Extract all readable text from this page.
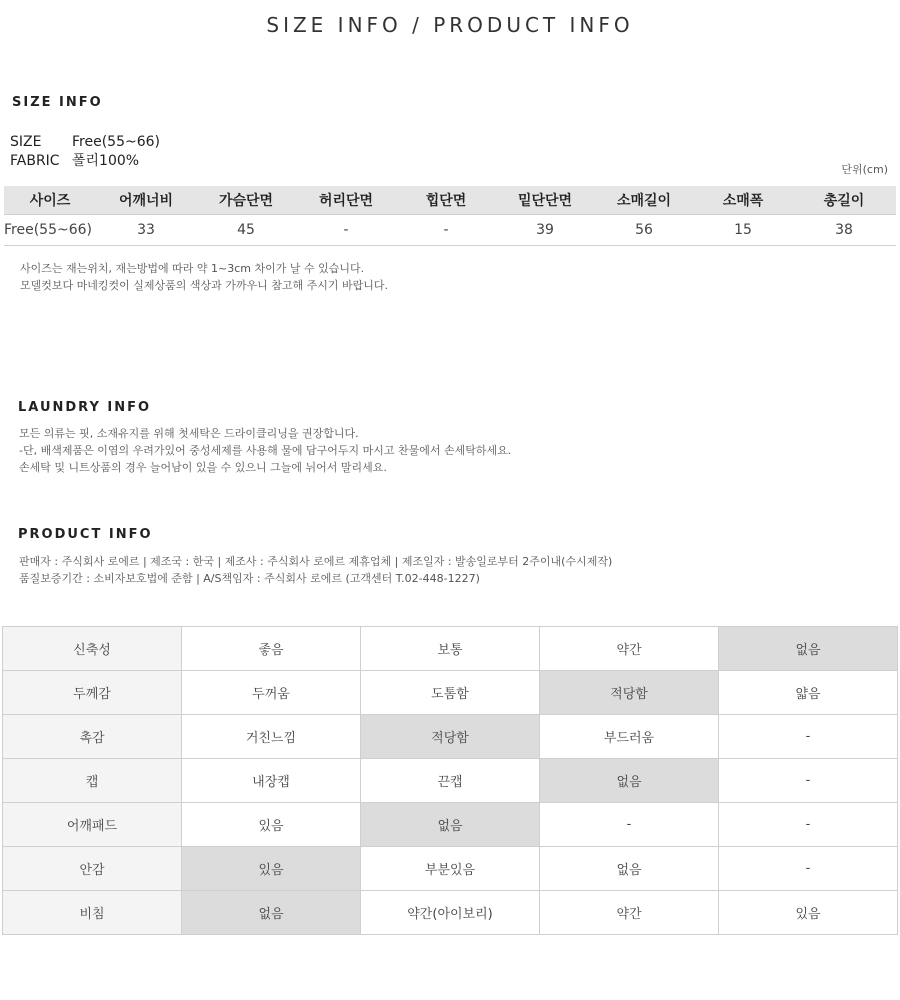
SIZE INFO / PRODUCT INFO
SIZE INFO
SIZE Free(55~66)
FABRIC 폴리100%
단위(cm)
사이즈	어깨너비	가슴단면	허리단면	힙단면	밑단단면	소매길이	소매폭	총길이
Free(55~66)	33	45	-	-	39	56	15	38
사이즈는 재는위치, 재는방법에 따라 약 1~3cm 차이가 날 수 있습니다.
모델컷보다 마네킹컷이 실제상품의 색상과 가까우니 참고해 주시기 바랍니다.
LAUNDRY INFO
모든 의류는 핏, 소재유지를 위해 첫세탁은 드라이클리닝을 권장합니다.
-단, 배색제품은 이염의 우려가있어 중성세제를 사용해 물에 담구어두지 마시고 찬물에서 손세탁하세요.
손세탁 및 니트상품의 경우 늘어남이 있을 수 있으니 그늘에 뉘어서 말리세요.
PRODUCT INFO
판매자 : 주식회사 로에르 | 제조국 : 한국 | 제조사 : 주식회사 로에르 제휴업체 | 제조일자 : 발송일로부터 2주이내(수시제작)
품질보증기간 : 소비자보호법에 준함 | A/S책임자 : 주식회사 로에르 (고객센터 T.02-448-1227)
신축성	좋음	보통	약간	없음
두께감	두꺼움	도톰함	적당함	얇음
촉감	거친느낌	적당함	부드러움	-
캡	내장캡	끈캡	없음	-
어깨패드	있음	없음	-	-
안감	있음	부분있음	없음	-
비침	없음	약간(아이보리)	약간	있음
